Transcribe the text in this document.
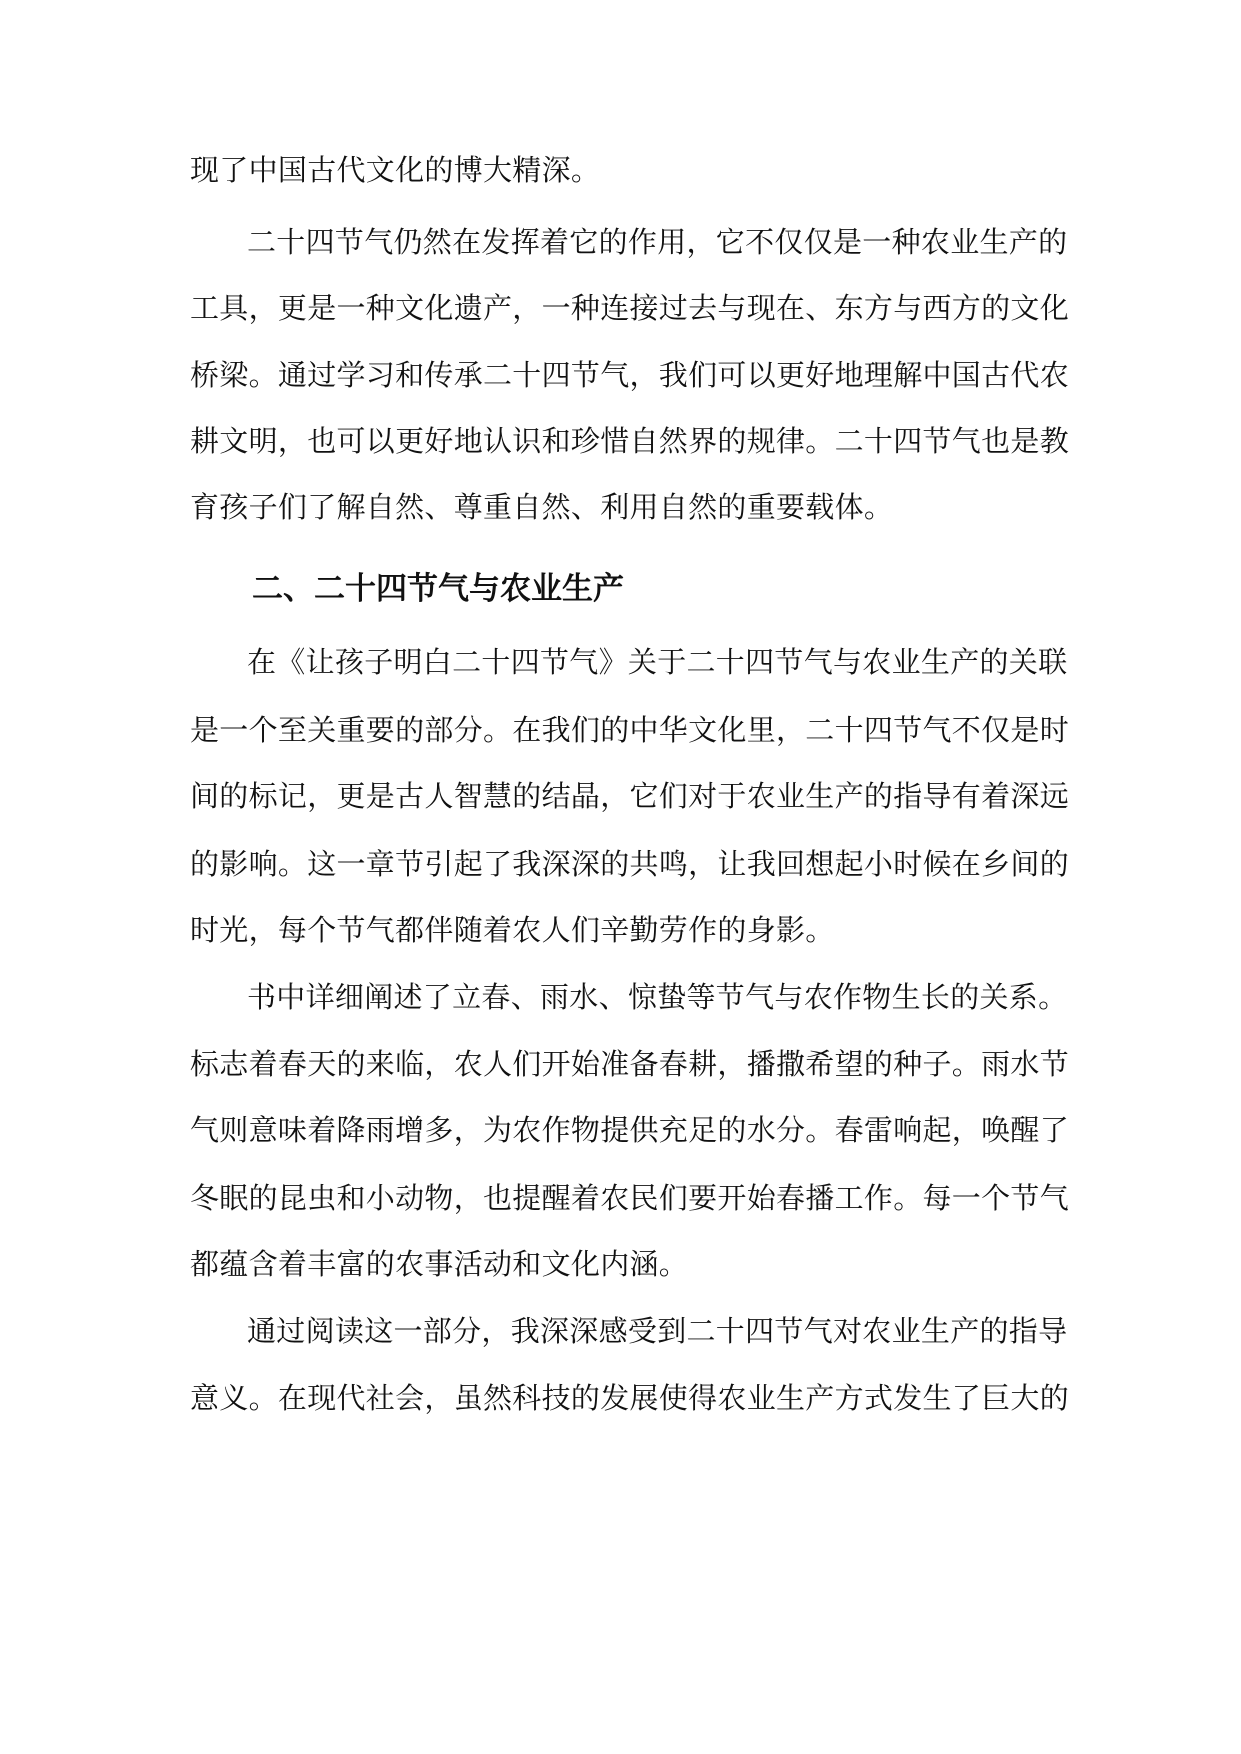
现了中国古代文化的博大精深。
二十四节气仍然在发挥着它的作用，它不仅仅是一种农业生产的
工具，更是一种文化遗产，一种连接过去与现在、东方与西方的文化
桥梁。通过学习和传承二十四节气，我们可以更好地理解中国古代农
耕文明，也可以更好地认识和珍惜自然界的规律。二十四节气也是教
育孩子们了解自然、尊重自然、利用自然的重要载体。
二、二十四节气与农业生产
在《让孩子明白二十四节气》关于二十四节气与农业生产的关联
是一个至关重要的部分。在我们的中华文化里，二十四节气不仅是时
间的标记，更是古人智慧的结晶，它们对于农业生产的指导有着深远
的影响。这一章节引起了我深深的共鸣，让我回想起小时候在乡间的
时光，每个节气都伴随着农人们辛勤劳作的身影。
书中详细阐述了立春、雨水、惊蛰等节气与农作物生长的关系。
标志着春天的来临，农人们开始准备春耕，播撒希望的种子。雨水节
气则意味着降雨增多，为农作物提供充足的水分。春雷响起，唤醒了
冬眠的昆虫和小动物，也提醒着农民们要开始春播工作。每一个节气
都蕴含着丰富的农事活动和文化内涵。
通过阅读这一部分，我深深感受到二十四节气对农业生产的指导
意义。在现代社会，虽然科技的发展使得农业生产方式发生了巨大的
